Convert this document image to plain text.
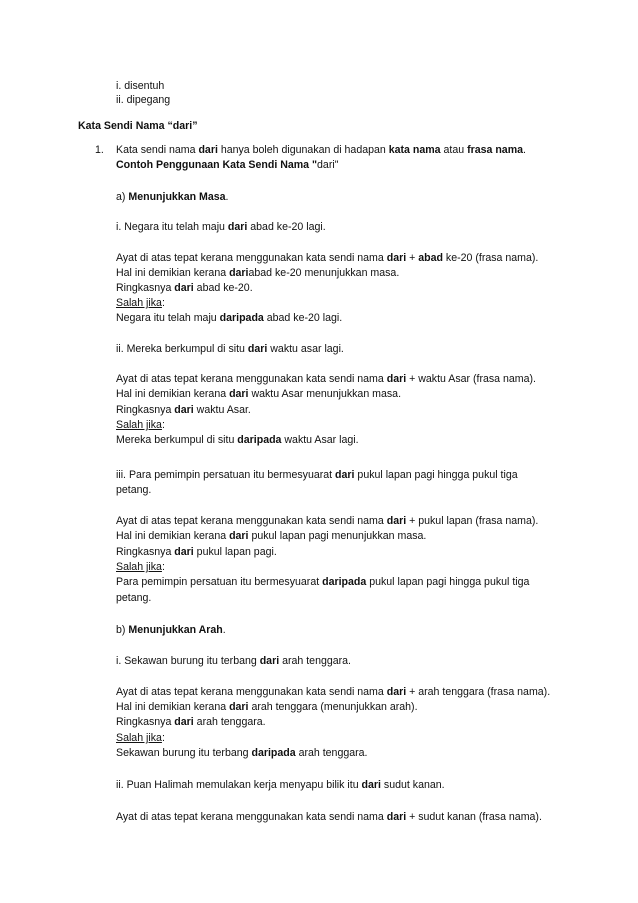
i. disentuh
ii. dipegang
Kata Sendi Nama “dari”
1. Kata sendi nama dari hanya boleh digunakan di hadapan kata nama atau frasa nama.
Contoh Penggunaan Kata Sendi Nama "dari"
a) Menunjukkan Masa.
i. Negara itu telah maju dari abad ke-20 lagi.
Ayat di atas tepat kerana menggunakan kata sendi nama dari + abad ke-20 (frasa nama).
Hal ini demikian kerana dariabad ke-20 menunjukkan masa.
Ringkasnya dari abad ke-20.
Salah jika:
Negara itu telah maju daripada abad ke-20 lagi.
ii. Mereka berkumpul di situ dari waktu asar lagi.
Ayat di atas tepat kerana menggunakan kata sendi nama dari + waktu Asar (frasa nama).
Hal ini demikian kerana dari waktu Asar menunjukkan masa.
Ringkasnya dari waktu Asar.
Salah jika:
Mereka berkumpul di situ daripada waktu Asar lagi.
iii. Para pemimpin persatuan itu bermesyuarat dari pukul lapan pagi hingga pukul tiga
petang.
Ayat di atas tepat kerana menggunakan kata sendi nama dari + pukul lapan (frasa nama).
Hal ini demikian kerana dari pukul lapan pagi menunjukkan masa.
Ringkasnya dari pukul lapan pagi.
Salah jika:
Para pemimpin persatuan itu bermesyuarat daripada pukul lapan pagi hingga pukul tiga
petang.
b) Menunjukkan Arah.
i. Sekawan burung itu terbang dari arah tenggara.
Ayat di atas tepat kerana menggunakan kata sendi nama dari + arah tenggara (frasa nama).
Hal ini demikian kerana dari arah tenggara (menunjukkan arah).
Ringkasnya dari arah tenggara.
Salah jika:
Sekawan burung itu terbang daripada arah tenggara.
ii. Puan Halimah memulakan kerja menyapu bilik itu dari sudut kanan.
Ayat di atas tepat kerana menggunakan kata sendi nama dari + sudut kanan (frasa nama).
